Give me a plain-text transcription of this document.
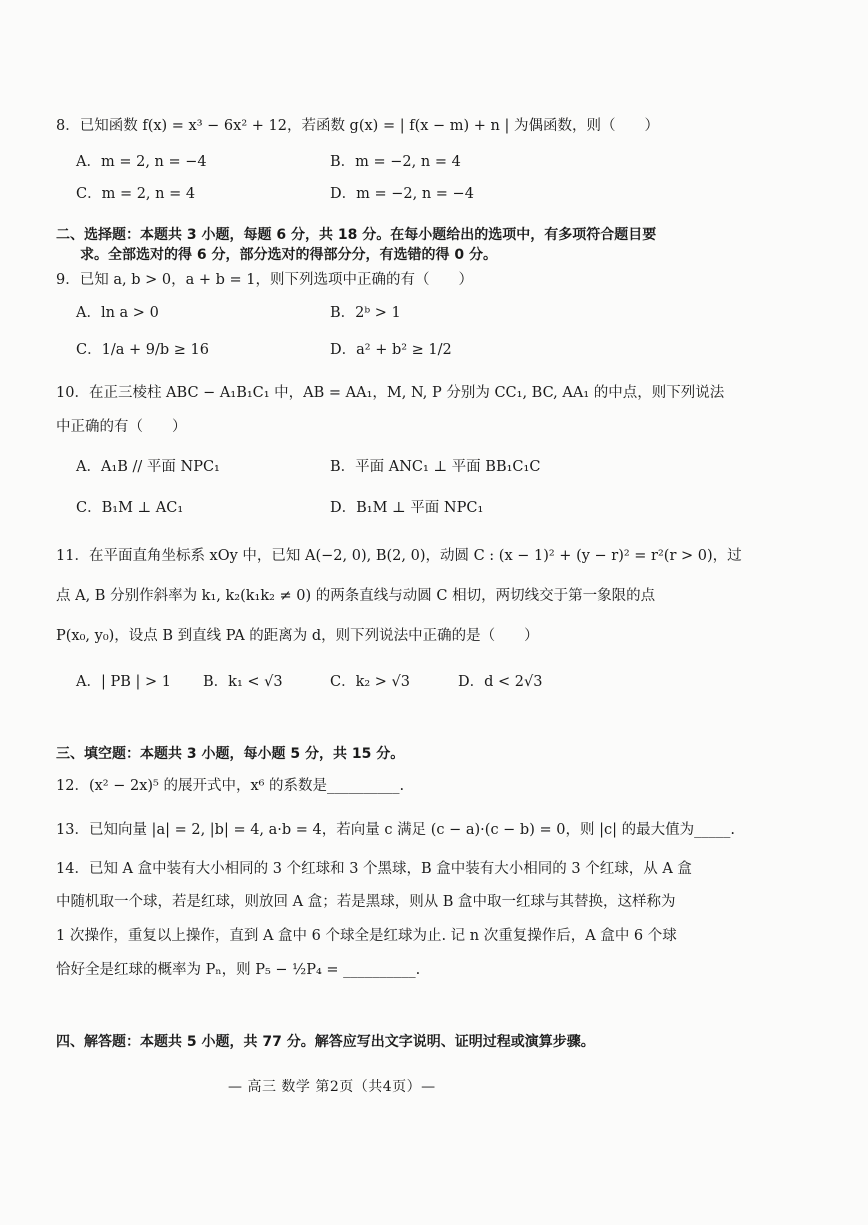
8．已知函数 f(x) = x³ − 6x² + 12，若函数 g(x) = | f(x − m) + n | 为偶函数，则（　　）
A．m = 2, n = −4	B．m = −2, n = 4
C．m = 2, n = 4	D．m = −2, n = −4
二、选择题：本题共 3 小题，每题 6 分，共 18 分。在每小题给出的选项中，有多项符合题目要
求。全部选对的得 6 分，部分选对的得部分分，有选错的得 0 分。
9．已知 a, b > 0，a + b = 1，则下列选项中正确的有（　　）
A．ln a > 0	B．2ᵇ > 1
C．1/a + 9/b ≥ 16	D．a² + b² ≥ 1/2
10．在正三棱柱 ABC − A₁B₁C₁ 中，AB = AA₁，M, N, P 分别为 CC₁, BC, AA₁ 的中点，则下列说法
中正确的有（　　）
A．A₁B // 平面 NPC₁	B．平面 ANC₁ ⊥ 平面 BB₁C₁C
C．B₁M ⊥ AC₁	D．B₁M ⊥ 平面 NPC₁
11．在平面直角坐标系 xOy 中，已知 A(−2, 0), B(2, 0)，动圆 C : (x − 1)² + (y − r)² = r²(r > 0)，过
点 A, B 分别作斜率为 k₁, k₂(k₁k₂ ≠ 0) 的两条直线与动圆 C 相切，两切线交于第一象限的点
P(x₀, y₀)，设点 B 到直线 PA 的距离为 d，则下列说法中正确的是（　　）
A．| PB | > 1 B．k₁ < √3	C．k₂ > √3	D．d < 2√3
三、填空题：本题共 3 小题，每小题 5 分，共 15 分。
12．(x² − 2x)⁵ 的展开式中，x⁶ 的系数是__________.
13．已知向量 |a| = 2, |b| = 4, a·b = 4，若向量 c 满足 (c − a)·(c − b) = 0，则 |c| 的最大值为_____.
14．已知 A 盒中装有大小相同的 3 个红球和 3 个黑球，B 盒中装有大小相同的 3 个红球，从 A 盒
中随机取一个球，若是红球，则放回 A 盒；若是黑球，则从 B 盒中取一红球与其替换，这样称为
1 次操作，重复以上操作，直到 A 盒中 6 个球全是红球为止. 记 n 次重复操作后，A 盒中 6 个球
恰好全是红球的概率为 Pₙ，则 P₅ − ½P₄ = __________.
四、解答题：本题共 5 小题，共 77 分。解答应写出文字说明、证明过程或演算步骤。
— 高三 数学 第2页（共4页）—
